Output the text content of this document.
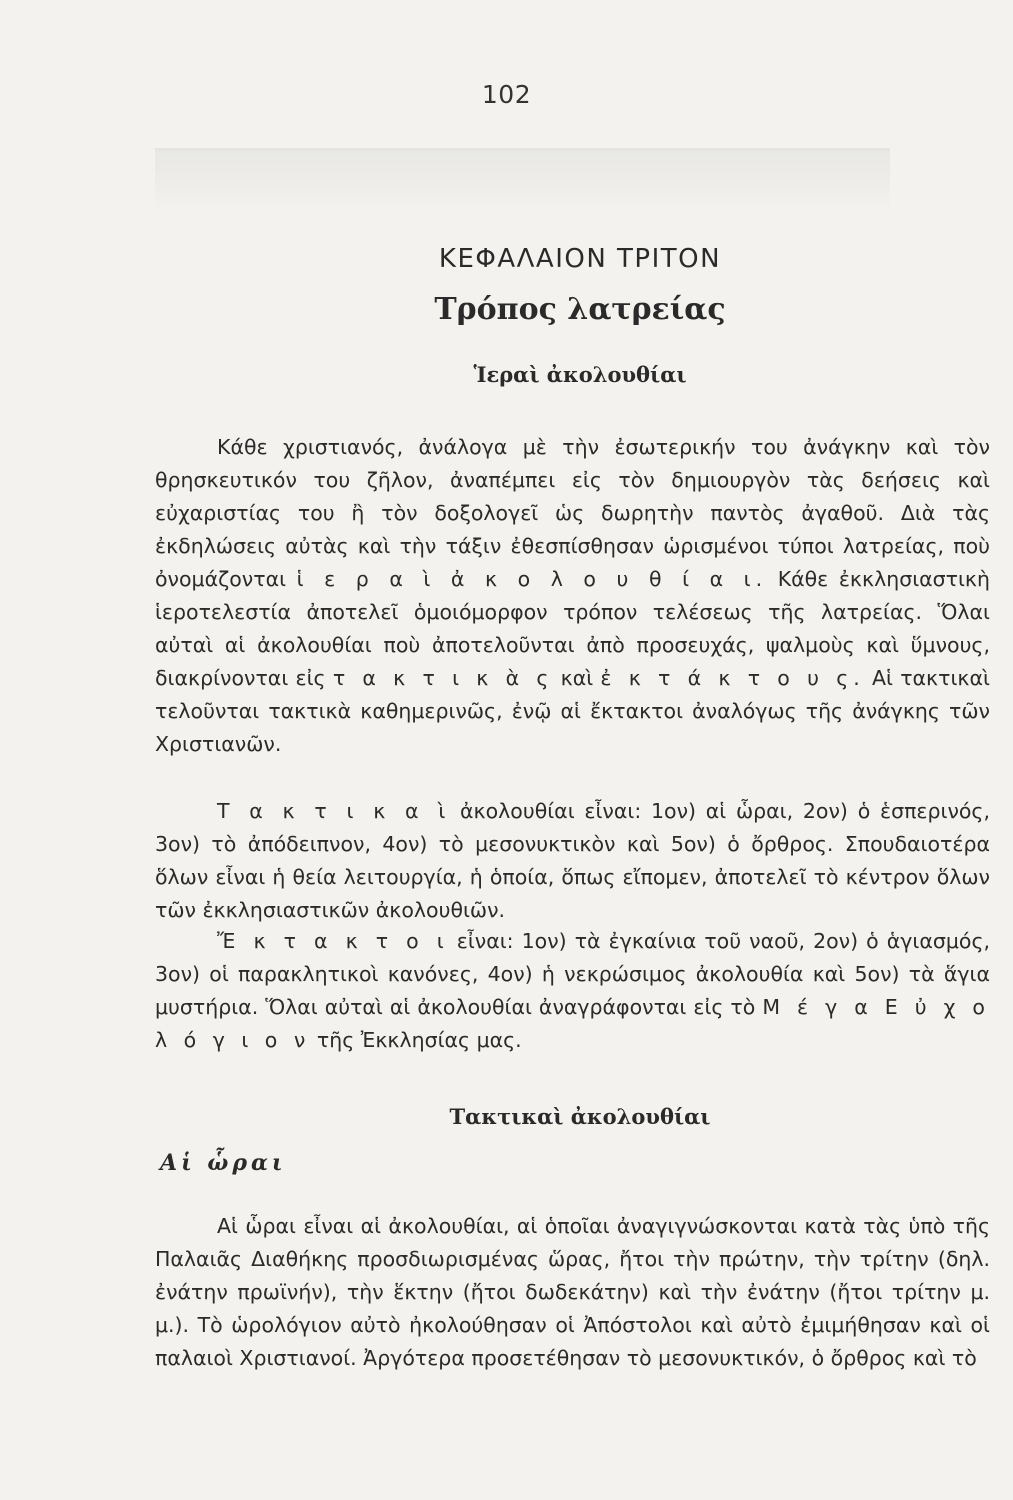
102
ΚΕΦΑΛΑΙΟΝ ΤΡΙΤΟΝ
Τρόπος λατρείας
Ἱεραὶ ἀκολουθίαι

Κάθε χριστιανός, ἀνάλογα μὲ τὴν ἐσωτερικήν του ἀνάγκην καὶ τὸν θρησκευτικόν του ζῆλον, ἀναπέμπει εἰς τὸν δημιουργὸν τὰς δεήσεις καὶ εὐχαριστίας του ἢ τὸν δοξολογεῖ ὡς δωρητὴν παντὸς ἀγαθοῦ. Διὰ τὰς ἐκδηλώσεις αὐτὰς καὶ τὴν τάξιν ἐθεσπίσθησαν ὡρισμένοι τύποι λατρείας, ποὺ ὀνομάζονται ἱ ε ρ α ὶ ἀ κ ο λ ο υ θ ί α ι. Κάθε ἐκκλησιαστικὴ ἱεροτελεστία ἀποτελεῖ ὁμοιόμορφον τρόπον τελέσεως τῆς λατρείας. Ὅλαι αὐταὶ αἱ ἀκολουθίαι ποὺ ἀποτελοῦνται ἀπὸ προσευχάς, ψαλμοὺς καὶ ὕμνους, διακρίνονται εἰς τ α κ τ ι κ ὰ ς καὶ ἐ κ τ ά κ τ ο υ ς. Αἱ τακτικαὶ τελοῦνται τακτικὰ καθημερινῶς, ἐνῷ αἱ ἔκτακτοι ἀναλόγως τῆς ἀνάγκης τῶν Χριστιανῶν.

Τ α κ τ ι κ α ὶ ἀκολουθίαι εἶναι: 1ον) αἱ ὧραι, 2ον) ὁ ἑσπερινός, 3ον) τὸ ἀπόδειπνον, 4ον) τὸ μεσονυκτικὸν καὶ 5ον) ὁ ὄρθρος. Σπουδαιοτέρα ὅλων εἶναι ἡ θεία λειτουργία, ἡ ὁποία, ὅπως εἴπομεν, ἀποτελεῖ τὸ κέντρον ὅλων τῶν ἐκκλησιαστικῶν ἀκολουθιῶν.

Ἔ κ τ α κ τ ο ι εἶναι: 1ον) τὰ ἐγκαίνια τοῦ ναοῦ, 2ον) ὁ ἁγιασμός, 3ον) οἱ παρακλητικοὶ κανόνες, 4ον) ἡ νεκρώσιμος ἀκολουθία καὶ 5ον) τὰ ἅγια μυστήρια. Ὅλαι αὐταὶ αἱ ἀκολουθίαι ἀναγράφονται εἰς τὸ Μ έ γ α Ε ὐ χ ο λ ό γ ι ο ν τῆς Ἐκκλησίας μας.

Τακτικαὶ ἀκολουθίαι
Αἱ ὧραι

Αἱ ὧραι εἶναι αἱ ἀκολουθίαι, αἱ ὁποῖαι ἀναγιγνώσκονται κατὰ τὰς ὑπὸ τῆς Παλαιᾶς Διαθήκης προσδιωρισμένας ὥρας, ἤτοι τὴν πρώτην, τὴν τρίτην (δηλ. ἐνάτην πρωϊνήν), τὴν ἕκτην (ἤτοι δωδεκάτην) καὶ τὴν ἐνάτην (ἤτοι τρίτην μ. μ.). Τὸ ὡρολόγιον αὐτὸ ἠκολούθησαν οἱ Ἀπόστολοι καὶ αὐτὸ ἐμιμήθησαν καὶ οἱ παλαιοὶ Χριστιανοί. Ἀργότερα προσετέθησαν τὸ μεσονυκτικόν, ὁ ὄρθρος καὶ τὸ
